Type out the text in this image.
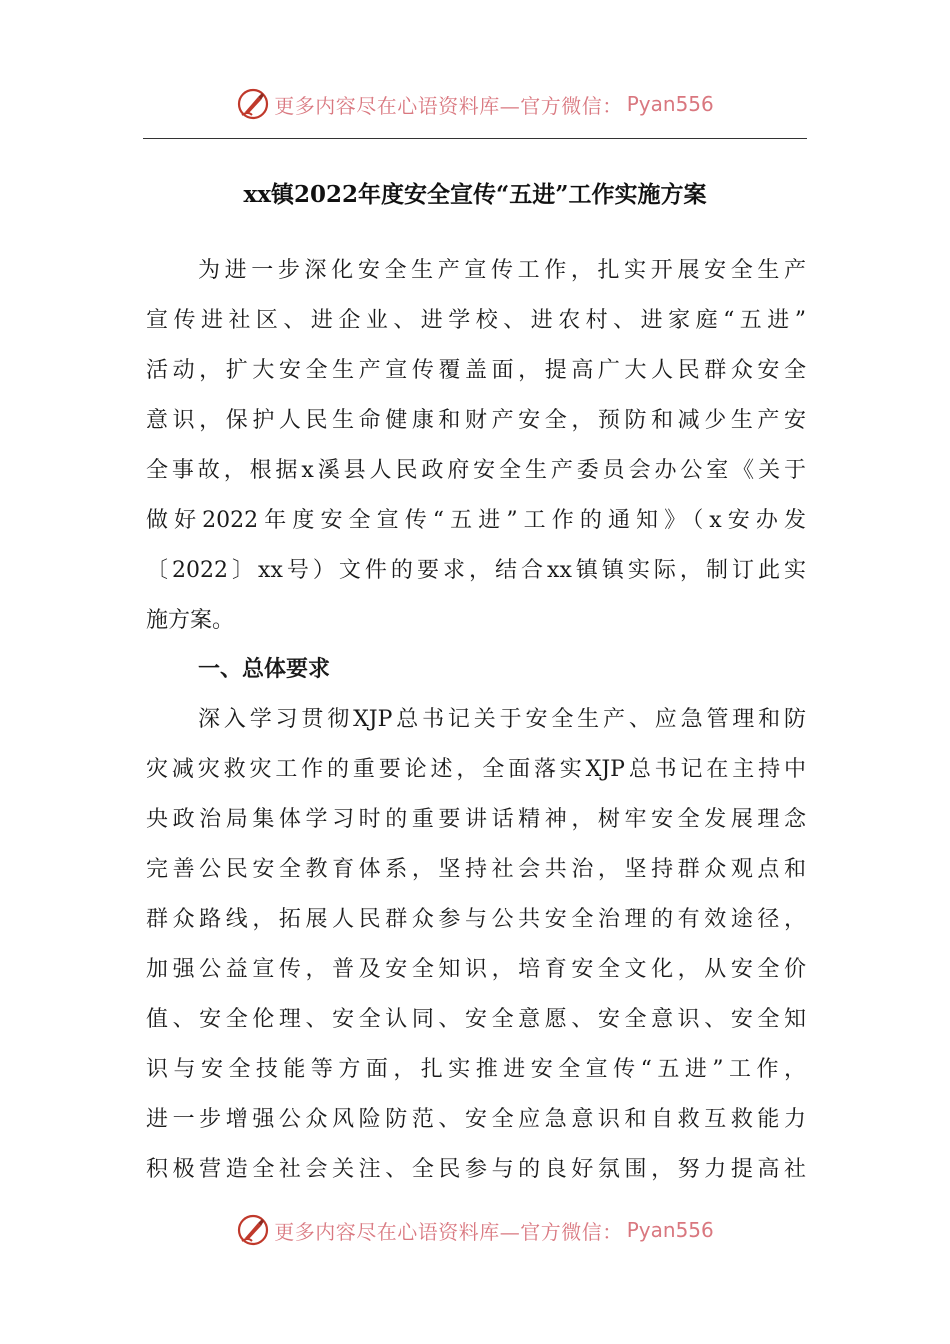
更多内容尽在心语资料库—官方微信： Pyan556
xx镇2022年度安全宣传“五进”工作实施方案
为进一步深化安全生产宣传工作，扎实开展安全生产
宣传进社区、进企业、进学校、进农村、进家庭“五进”
活动，扩大安全生产宣传覆盖面，提高广大人民群众安全
意识，保护人民生命健康和财产安全，预防和减少生产安
全事故，根据x溪县人民政府安全生产委员会办公室《关于
做好2022年度安全宣传“五进”工作的通知》（x安办发
〔2022〕xx号）文件的要求，结合xx镇镇实际，制订此实
施方案。
一、总体要求
深入学习贯彻XJP总书记关于安全生产、应急管理和防
灾减灾救灾工作的重要论述，全面落实XJP总书记在主持中
央政治局集体学习时的重要讲话精神，树牢安全发展理念
完善公民安全教育体系，坚持社会共治，坚持群众观点和
群众路线，拓展人民群众参与公共安全治理的有效途径，
加强公益宣传，普及安全知识，培育安全文化，从安全价
值、安全伦理、安全认同、安全意愿、安全意识、安全知
识与安全技能等方面，扎实推进安全宣传“五进”工作，
进一步增强公众风险防范、安全应急意识和自救互救能力
积极营造全社会关注、全民参与的良好氛围，努力提高社
更多内容尽在心语资料库—官方微信： Pyan556
